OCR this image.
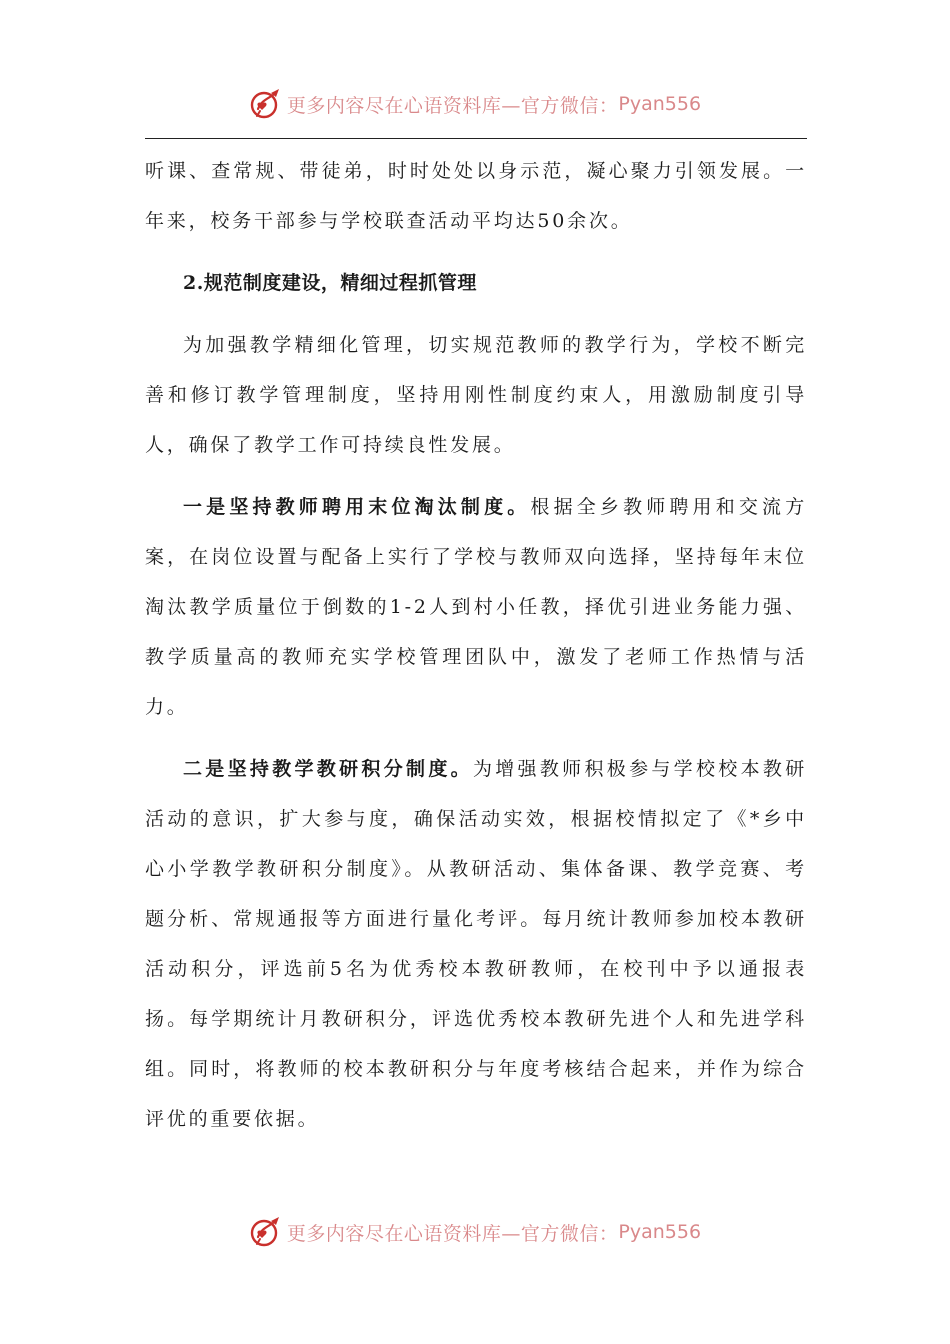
更多内容尽在心语资料库—官方微信： Pyan556

听课、查常规、带徒弟，时时处处以身示范，凝心聚力引领发展。一年来，校务干部参与学校联查活动平均达50余次。

2.规范制度建设，精细过程抓管理

为加强教学精细化管理，切实规范教师的教学行为，学校不断完善和修订教学管理制度，坚持用刚性制度约束人，用激励制度引导人，确保了教学工作可持续良性发展。

一是坚持教师聘用末位淘汰制度。根据全乡教师聘用和交流方案，在岗位设置与配备上实行了学校与教师双向选择，坚持每年末位淘汰教学质量位于倒数的1-2人到村小任教，择优引进业务能力强、教学质量高的教师充实学校管理团队中，激发了老师工作热情与活力。

二是坚持教学教研积分制度。为增强教师积极参与学校校本教研活动的意识，扩大参与度，确保活动实效，根据校情拟定了《*乡中心小学教学教研积分制度》。从教研活动、集体备课、教学竞赛、考题分析、常规通报等方面进行量化考评。每月统计教师参加校本教研活动积分，评选前5名为优秀校本教研教师，在校刊中予以通报表扬。每学期统计月教研积分，评选优秀校本教研先进个人和先进学科组。同时，将教师的校本教研积分与年度考核结合起来，并作为综合评优的重要依据。

更多内容尽在心语资料库—官方微信： Pyan556
